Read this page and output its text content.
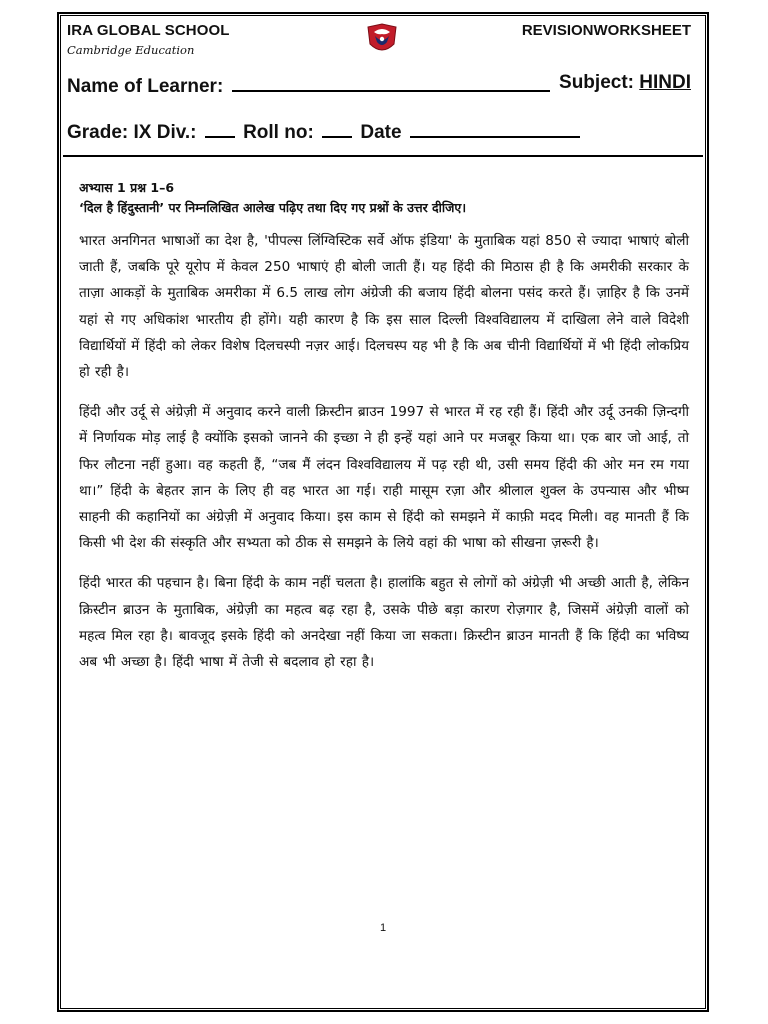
IRA GLOBAL SCHOOL
Cambridge Education
REVISIONWORKSHEET
Name of Learner:	Subject: HINDI
Grade: IX Div.: Roll no: Date

अभ्यास 1 प्रश्न 1–6

‘दिल है हिंदुस्तानी’ पर निम्नलिखित आलेख पढ़िए तथा दिए गए प्रश्नों के उत्तर दीजिए।

भारत अनगिनत भाषाओं का देश है, 'पीपल्स लिंग्विस्टिक सर्वे ऑफ इंडिया' के मुताबिक यहां 850 से ज्यादा भाषाएं बोली जाती हैं, जबकि पूरे यूरोप में केवल 250 भाषाएं ही बोली जाती हैं। यह हिंदी की मिठास ही है कि अमरीकी सरकार के ताज़ा आकड़ों के मुताबिक अमरीका में 6.5 लाख लोग अंग्रेजी की बजाय हिंदी बोलना पसंद करते हैं। ज़ाहिर है कि उनमें यहां से गए अधिकांश भारतीय ही होंगे। यही कारण है कि इस साल दिल्ली विश्वविद्यालय में दाखिला लेने वाले विदेशी विद्यार्थियों में हिंदी को लेकर विशेष दिलचस्पी नज़र आई। दिलचस्प यह भी है कि अब चीनी विद्यार्थियों में भी हिंदी लोकप्रिय हो रही है।

हिंदी और उर्दू से अंग्रेज़ी में अनुवाद करने वाली क्रिस्टीन ब्राउन 1997 से भारत में रह रही हैं। हिंदी और उर्दू उनकी ज़िन्दगी में निर्णायक मोड़ लाई है क्योंकि इसको जानने की इच्छा ने ही इन्हें यहां आने पर मजबूर किया था। एक बार जो आई, तो फिर लौटना नहीं हुआ। वह कहती हैं, “जब मैं लंदन विश्वविद्यालय में पढ़ रही थी, उसी समय हिंदी की ओर मन रम गया था।” हिंदी के बेहतर ज्ञान के लिए ही वह भारत आ गई। राही मासूम रज़ा और श्रीलाल शुक्ल के उपन्यास और भीष्म साहनी की कहानियों का अंग्रेज़ी में अनुवाद किया। इस काम से हिंदी को समझने में काफ़ी मदद मिली। वह मानती हैं कि किसी भी देश की संस्कृति और सभ्यता को ठीक से समझने के लिये वहां की भाषा को सीखना ज़रूरी है।

हिंदी भारत की पहचान है। बिना हिंदी के काम नहीं चलता है। हालांकि बहुत से लोगों को अंग्रेज़ी भी अच्छी आती है, लेकिन क्रिस्टीन ब्राउन के मुताबिक, अंग्रेज़ी का महत्व बढ़ रहा है, उसके पीछे बड़ा कारण रोज़गार है, जिसमें अंग्रेज़ी वालों को महत्व मिल रहा है। बावजूद इसके हिंदी को अनदेखा नहीं किया जा सकता। क्रिस्टीन ब्राउन मानती हैं कि हिंदी का भविष्य अब भी अच्छा है। हिंदी भाषा में तेजी से बदलाव हो रहा है।

1
